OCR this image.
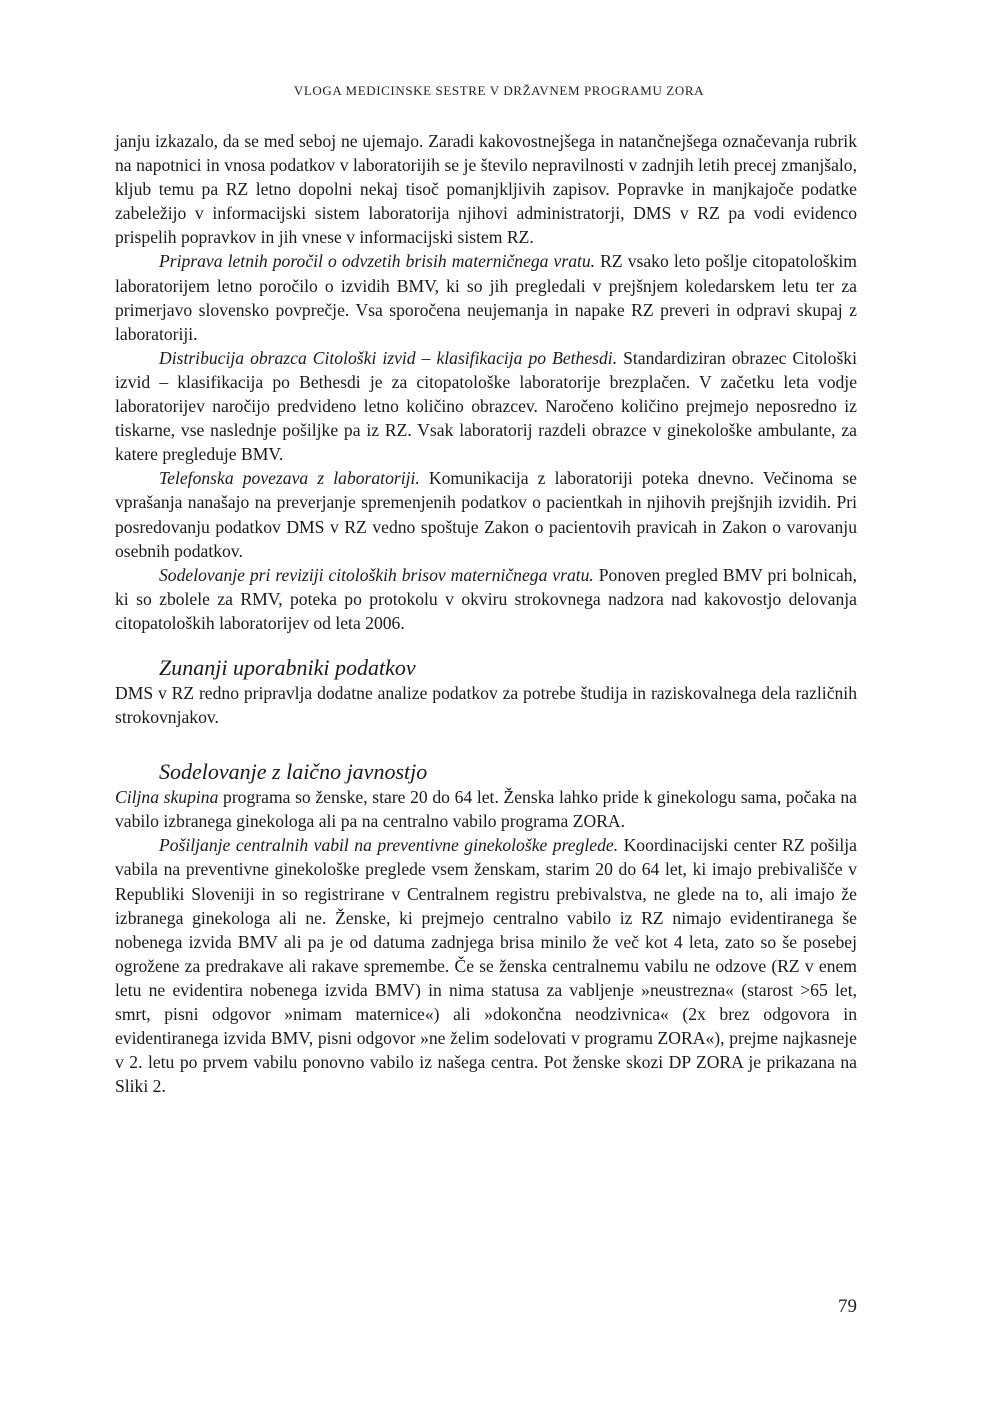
VLOGA MEDICINSKE SESTRE V DRŽAVNEM PROGRAMU ZORA

janju izkazalo, da se med seboj ne ujemajo. Zaradi kakovostnejšega in natančnejšega označevanja rubrik na napotnici in vnosa podatkov v laboratorijih se je število nepravilnosti v zadnjih letih precej zmanjšalo, kljub temu pa RZ letno dopolni nekaj tisoč pomanjkljivih zapisov. Popravke in manjkajoče podatke zabeležijo v informacijski sistem laboratorija njihovi administratorji, DMS v RZ pa vodi evidenco prispelih popravkov in jih vnese v informacijski sistem RZ.

Priprava letnih poročil o odvzetih brisih materničnega vratu. RZ vsako leto pošlje citopatološkim laboratorijem letno poročilo o izvidih BMV, ki so jih pregledali v prejšnjem koledarskem letu ter za primerjavo slovensko povprečje. Vsa sporočena neujemanja in napake RZ preveri in odpravi skupaj z laboratoriji.

Distribucija obrazca Citološki izvid – klasifikacija po Bethesdi. Standardiziran obrazec Citološki izvid – klasifikacija po Bethesdi je za citopatološke laboratorije brezplačen. V začetku leta vodje laboratorijev naročijo predvideno letno količino obrazcev. Naročeno količino prejmejo neposredno iz tiskarne, vse naslednje pošiljke pa iz RZ. Vsak laboratorij razdeli obrazce v ginekološke ambulante, za katere pregleduje BMV.

Telefonska povezava z laboratoriji. Komunikacija z laboratoriji poteka dnevno. Večinoma se vprašanja nanašajo na preverjanje spremenjenih podatkov o pacientkah in njihovih prejšnjih izvidih. Pri posredovanju podatkov DMS v RZ vedno spoštuje Zakon o pacientovih pravicah in Zakon o varovanju osebnih podatkov.

Sodelovanje pri reviziji citoloških brisov materničnega vratu. Ponoven pregled BMV pri bolnicah, ki so zbolele za RMV, poteka po protokolu v okviru strokovnega nadzora nad kakovostjo delovanja citopatoloških laboratorijev od leta 2006.

Zunanji uporabniki podatkov

DMS v RZ redno pripravlja dodatne analize podatkov za potrebe študija in raziskovalnega dela različnih strokovnjakov.

Sodelovanje z laično javnostjo

Ciljna skupina programa so ženske, stare 20 do 64 let. Ženska lahko pride k ginekologu sama, počaka na vabilo izbranega ginekologa ali pa na centralno vabilo programa ZORA.

Pošiljanje centralnih vabil na preventivne ginekološke preglede. Koordinacijski center RZ pošilja vabila na preventivne ginekološke preglede vsem ženskam, starim 20 do 64 let, ki imajo prebivališče v Republiki Sloveniji in so registrirane v Centralnem registru prebivalstva, ne glede na to, ali imajo že izbranega ginekologa ali ne. Ženske, ki prejmejo centralno vabilo iz RZ nimajo evidentiranega še nobenega izvida BMV ali pa je od datuma zadnjega brisa minilo že več kot 4 leta, zato so še posebej ogrožene za predrakave ali rakave spremembe. Če se ženska centralnemu vabilu ne odzove (RZ v enem letu ne evidentira nobenega izvida BMV) in nima statusa za vabljenje »neustrezna« (starost >65 let, smrt, pisni odgovor »nimam maternice«) ali »dokončna neodzivnica« (2x brez odgovora in evidentiranega izvida BMV, pisni odgovor »ne želim sodelovati v programu ZORA«), prejme najkasneje v 2. letu po prvem vabilu ponovno vabilo iz našega centra. Pot ženske skozi DP ZORA je prikazana na Sliki 2.

79
